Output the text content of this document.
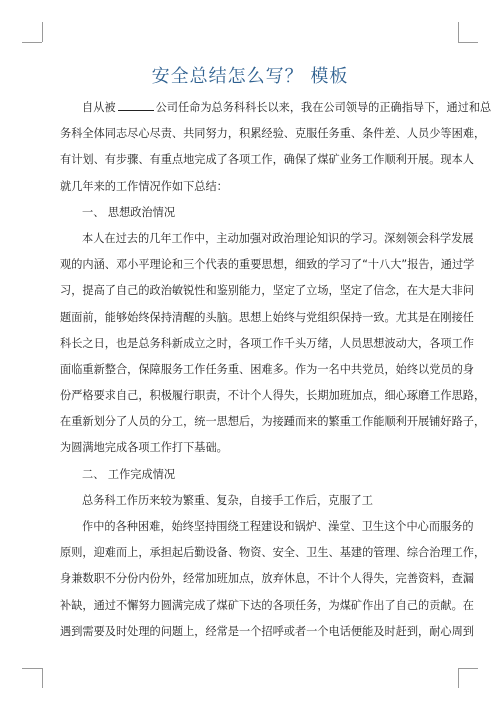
安全总结怎么写？ 模板
自从被	公司任命为总务科科长以来，我在公司领导的正确指导下，通过和总
务科全体同志尽心尽责、共同努力，积累经验、克服任务重、条件差、人员少等困难，
有计划、有步骤、有重点地完成了各项工作，确保了煤矿业务工作顺利开展。现本人
就几年来的工作情况作如下总结：
一、 思想政治情况
本人在过去的几年工作中，主动加强对政治理论知识的学习。深刻领会科学发展
观的内涵、邓小平理论和三个代表的重要思想，细致的学习了“十八大”报告，通过学
习，提高了自己的政治敏锐性和鉴别能力，坚定了立场，坚定了信念，在大是大非问
题面前，能够始终保持清醒的头脑。思想上始终与党组织保持一致。尤其是在刚接任
科长之日，也是总务科新成立之时，各项工作千头万绪，人员思想波动大，各项工作
面临重新整合，保障服务工作任务重、困难多。作为一名中共党员，始终以党员的身
份严格要求自己，积极履行职责，不计个人得失，长期加班加点，细心琢磨工作思路，
在重新划分了人员的分工，统一思想后，为接踵而来的繁重工作能顺利开展铺好路子，
为圆满地完成各项工作打下基础。
二、 工作完成情况
总务科工作历来较为繁重、复杂，自接手工作后，克服了工
作中的各种困难，始终坚持围绕工程建设和锅炉、澡堂、卫生这个中心而服务的
原则，迎难而上，承担起后勤设备、物资、安全、卫生、基建的管理、综合治理工作，
身兼数职不分份内份外，经常加班加点，放弃休息，不计个人得失，完善资料，查漏
补缺，通过不懈努力圆满完成了煤矿下达的各项任务，为煤矿作出了自己的贡献。在
遇到需要及时处理的问题上，经常是一个招呼或者一个电话便能及时赶到，耐心周到
